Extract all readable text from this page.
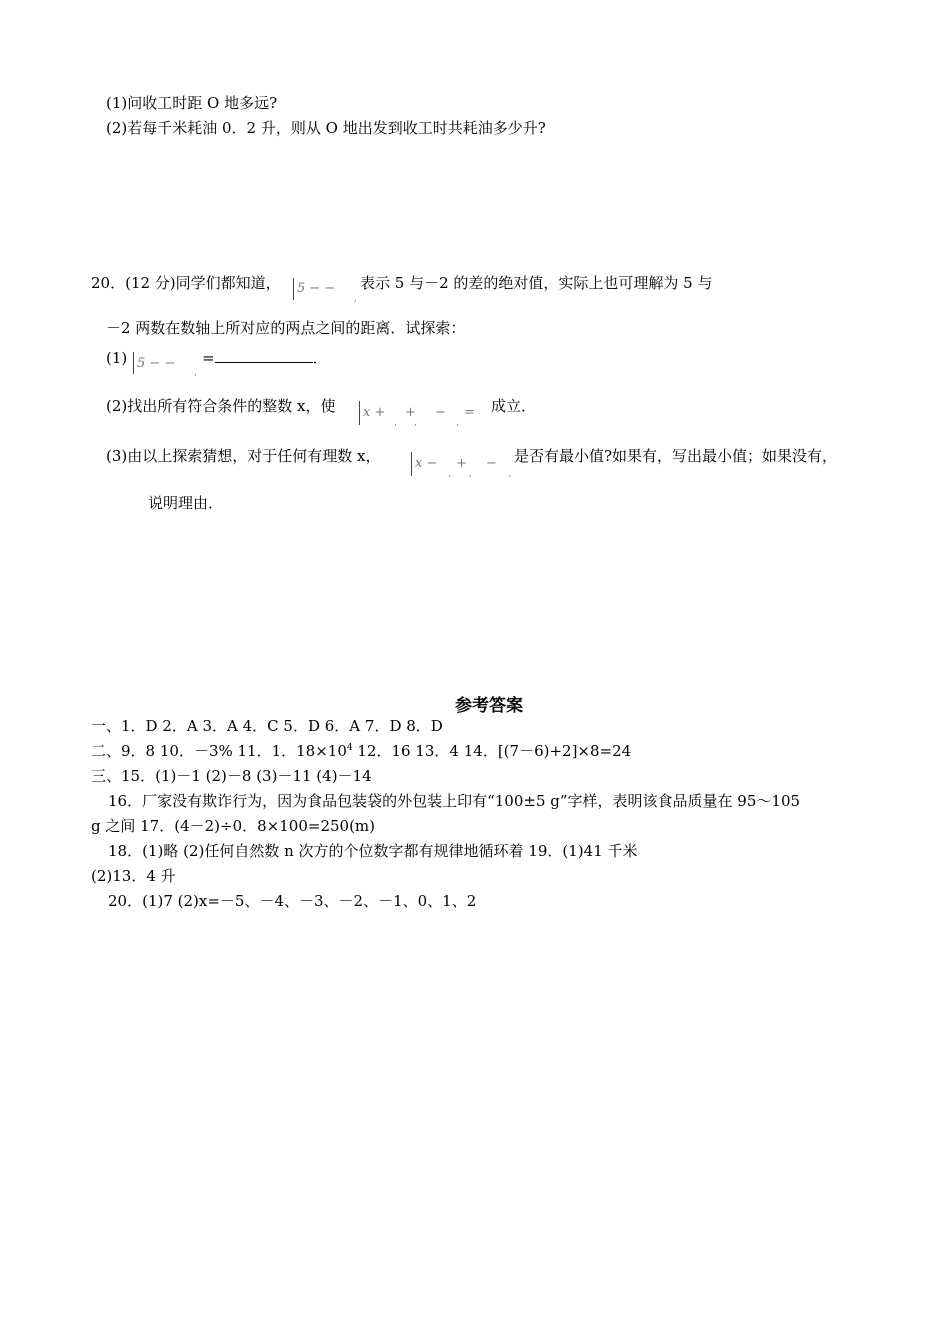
(1)问收工时距 O 地多远?
(2)若每千米耗油 0．2 升，则从 O 地出发到收工时共耗油多少升?
20．(12 分)同学们都知道， 5 − −
,
表示 5 与－2 的差的绝对值，实际上也可理解为 5 与
－2 两数在数轴上所对应的两点之间的距离．试探索：
(1) 5 − −
,
=	．
(2)找出所有符合条件的整数 x，使 x +
,
+
,
−
,
= 成立．
(3)由以上探索猜想，对于任何有理数 x，	x −
,
+
,
−
,
是否有最小值?如果有，写出最小值；如果没有，
说明理由．
参考答案
一、1．D 2．A 3．A 4．C 5．D 6．A 7．D 8．D
二、9．8 10．－3% 11．1．$18\times 10^4$ 12．16 13．4 14．[(7－6)+2]×8=24
三、15．(1)－1 (2)－8 (3)－11 (4)－14
16．厂家没有欺诈行为，因为食品包装袋的外包装上印有“100±5 g”字样，表明该食品质量在 95～105
g 之间 17．(4－2)÷0．8×100=250(m)
18．(1)略 (2)任何自然数 n 次方的个位数字都有规律地循环着 19．(1)41 千米
(2)13．4 升
20．(1)7 (2)x=－5、－4、－3、－2、－1、0、1、2
